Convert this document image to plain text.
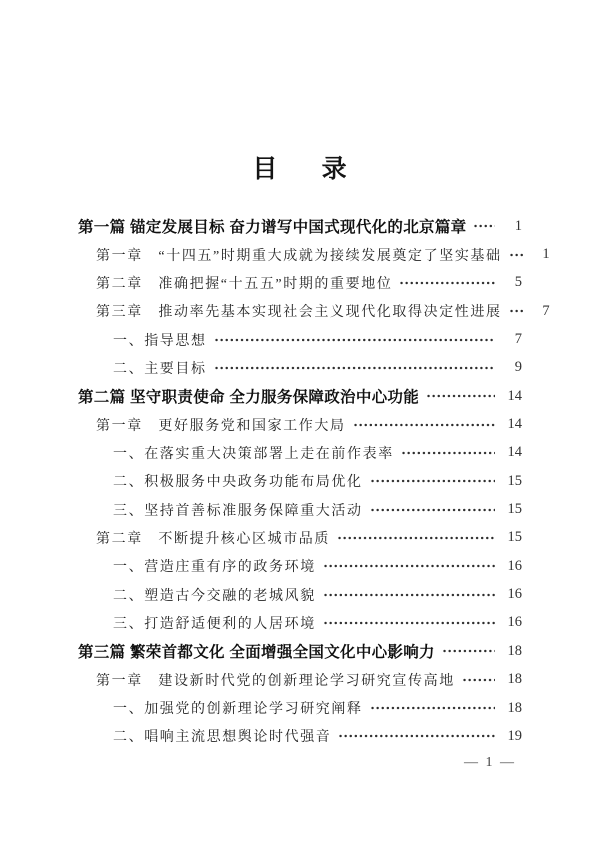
目 录
第一篇 锚定发展目标 奋力谱写中国式现代化的北京篇章	1
第一章　“十四五”时期重大成就为接续发展奠定了坚实基础	1
第二章　准确把握“十五五”时期的重要地位	5
第三章　推动率先基本实现社会主义现代化取得决定性进展	7
一、指导思想	7
二、主要目标	9
第二篇 坚守职责使命 全力服务保障政治中心功能	14
第一章　更好服务党和国家工作大局	14
一、在落实重大决策部署上走在前作表率	14
二、积极服务中央政务功能布局优化	15
三、坚持首善标准服务保障重大活动	15
第二章　不断提升核心区城市品质	15
一、营造庄重有序的政务环境	16
二、塑造古今交融的老城风貌	16
三、打造舒适便利的人居环境	16
第三篇 繁荣首都文化 全面增强全国文化中心影响力	18
第一章　建设新时代党的创新理论学习研究宣传高地	18
一、加强党的创新理论学习研究阐释	18
二、唱响主流思想舆论时代强音	19
— 1 —
